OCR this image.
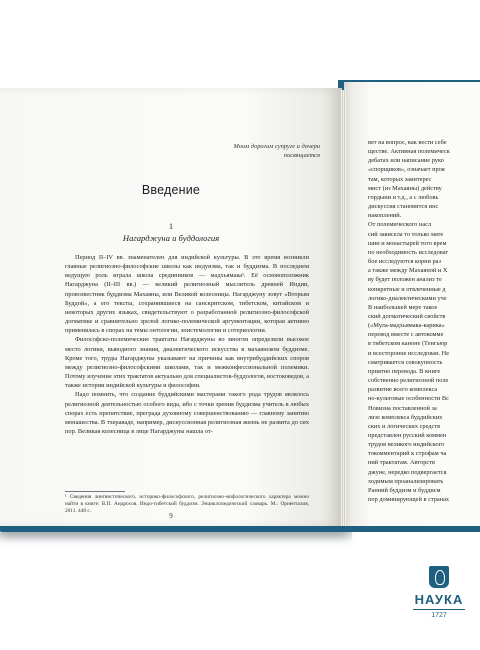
Моим дорогим супруге и дочери
посвящается
Введение
1
Нагарджуна и буддология

Период II–IV вв. знаменателен для индийской культуры. В это время возникли главные религиозно-философские школы как индуизма, так и буддизма. В последнем ведущую роль играла школа срединников — мадхьямака¹. Её основоположник Нагарджуна (II–III вв.) — великий религиозный мыслитель древней Индии, провозвестник буддизма Махаяны, или Великой колесницы. Нагарджуну зовут «Вторым Буддой», а его тексты, сохранившиеся на санскритском, тибетском, китайском и некоторых других языках, свидетельствуют о разработанной религиозно-философской догматике и сравнительно зрелой логико-полемической аргументации, которая активно применялась в спорах на темы онтологии, эпистемологии и сотериологии.

Философско-полемические трактаты Нагарджуны во многом определили высокое место логики, выводного знания, диалектического искусства в махаянском буддизме. Кроме того, труды Нагарджуны указывают на причины как внутрибуддийских споров между религиозно-философскими школами, так и межконфессиональной полемики. Потому изучение этих трактатов актуально для специалистов-буддологов, востоковедов, а также истории индийской культуры и философии.

Надо помнить, что создание буддийскими мастерами такого рода трудов являлось религиозной деятельностью особого вида, ибо с точки зрения буддизма учитель в любых спорах есть препятствие, преграда духовному совершенствованию — главному занятию монашества. В тхераваде, например, дискуссионная религиозная жизнь не развита до сих пор. Великая колесница в лице Нагарджуны нашла от-

¹ Сведения лингвистического, историко-философского, религиозно-мифологического характера можно найти в книге: В.П. Андросов. Индо-тибетский буддизм. Энциклопедический словарь. М.: Ориенталия, 2011. 448 с.
9
вет на вопрос, как вести себе
ществе. Активная полемическ
дебатах или написание руко
«спорщиков», означает проя
там, которых заинтерес
мист (из Махаяны) действу
гордыни и т.д., а с любовь
дискуссия становится инс
накоплений.
От полемического насл
сий зависела то только мате
шин и монастырей того врем
по необходимость исследоват
бое исследуются корни раз
а также между Махаяной и Х
ву будет положен анализ те
конкретные и отвлеченные д
логико-диалектическими уче
В наибольшей мере такое
ский догматический свойств
(«Мула-мадхьямака-карика»
перевод вместе с автокомме
в тибетском каноне (Тенгьюр
и всесторонне исследован. Не
сматривается совокупность
приятно перевода. В книге
собственно религиозной поле
развитие всего комплекса
но-культовые особенности Вс
Новизна поставленной за
лизе комплекса буддийских
ских и логических средств
представлен русский коммен
трудов великого индийского
токомментарий к строфам ча
ний трактатам. Авторств
джуне, нередко подвергается
ходимым проанализировать
Ранний буддизм и буддисм
пор доминирующей в странах
НАУКА
1727
